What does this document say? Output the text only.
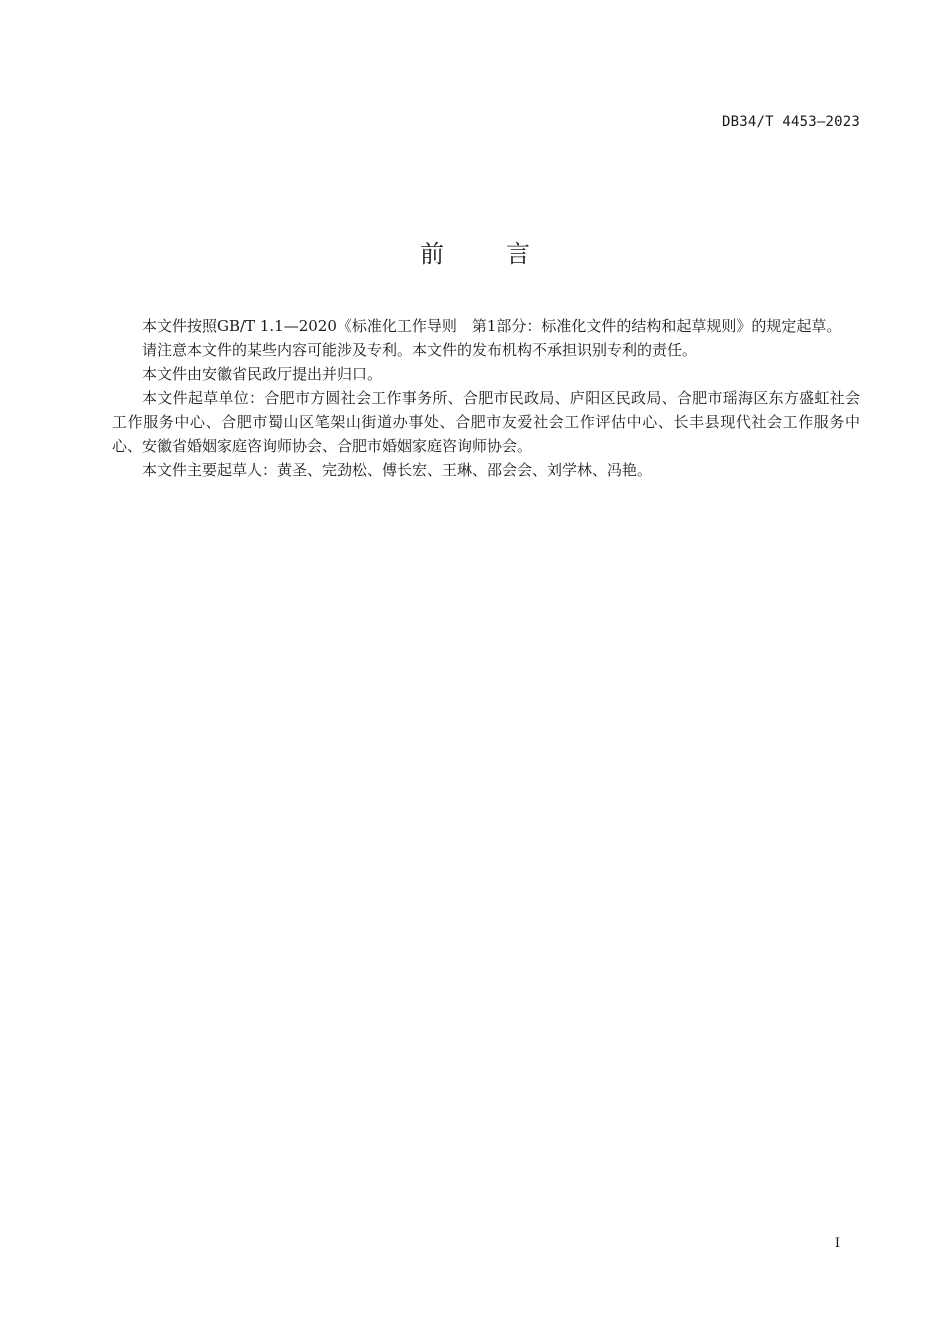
DB34/T 4453—2023
前言

本文件按照GB/T 1.1—2020《标准化工作导则　第1部分：标准化文件的结构和起草规则》的规定起草。

请注意本文件的某些内容可能涉及专利。本文件的发布机构不承担识别专利的责任。

本文件由安徽省民政厅提出并归口。

本文件起草单位：合肥市方圆社会工作事务所、合肥市民政局、庐阳区民政局、合肥市瑶海区东方盛虹社会工作服务中心、合肥市蜀山区笔架山街道办事处、合肥市友爱社会工作评估中心、长丰县现代社会工作服务中心、安徽省婚姻家庭咨询师协会、合肥市婚姻家庭咨询师协会。

本文件主要起草人：黄圣、完劲松、傅长宏、王琳、邵会会、刘学林、冯艳。

I
